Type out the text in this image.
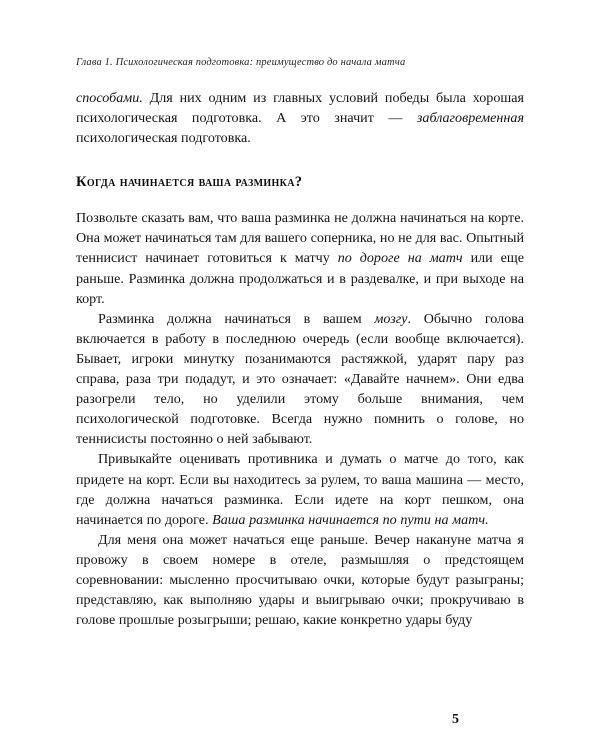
Глава 1. Психологическая подготовка: преимущество до начала матча

способами. Для них одним из главных условий победы была хорошая психологическая подготовка. А это значит — заблаговременная психологическая подготовка.

Когда начинается ваша разминка?

Позвольте сказать вам, что ваша разминка не должна начинаться на корте. Она может начинаться там для вашего соперника, но не для вас. Опытный теннисист начинает готовиться к матчу по дороге на матч или еще раньше. Разминка должна продолжаться и в раздевалке, и при выходе на корт.

Разминка должна начинаться в вашем мозгу. Обычно голова включается в работу в последнюю очередь (если вообще включается). Бывает, игроки минутку позанимаются растяжкой, ударят пару раз справа, раза три подадут, и это означает: «Давайте начнем». Они едва разогрели тело, но уделили этому больше внимания, чем психологической подготовке. Всегда нужно помнить о голове, но теннисисты постоянно о ней забывают.

Привыкайте оценивать противника и думать о матче до того, как придете на корт. Если вы находитесь за рулем, то ваша машина — место, где должна начаться разминка. Если идете на корт пешком, она начинается по дороге. Ваша разминка начинается по пути на матч.

Для меня она может начаться еще раньше. Вечер накануне матча я провожу в своем номере в отеле, размышляя о предстоящем соревновании: мысленно просчитываю очки, которые будут разыграны; представляю, как выполняю удары и выигрываю очки; прокручиваю в голове прошлые розыгрыши; решаю, какие конкретно удары буду

5
